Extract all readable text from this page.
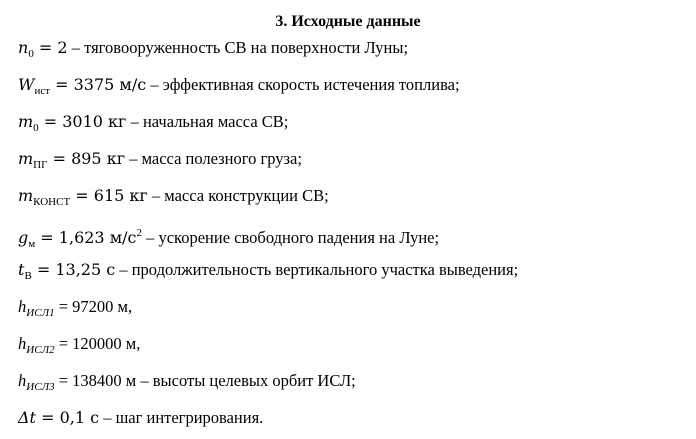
3. Исходные данные
$n_0 = 2$ – тяговооруженность СВ на поверхности Луны;
$W_{ист} = 3375$ м/с – эффективная скорость истечения топлива;
$m_0 = 3010$ кг – начальная масса СВ;
$m_{ПГ} = 895$ кг – масса полезного груза;
$m_{КОНСТ} = 615$ кг – масса конструкции СВ;
$g_м = 1,623$ $м/с^2$ – ускорение свободного падения на Луне;
$t_В = 13,25$ с – продолжительность вертикального участка выведения;
$h_{ИСЛ1} = 97200$ м,
$h_{ИСЛ2} = 120000$ м,
$h_{ИСЛ3} = 138400$ м – высоты целевых орбит ИСЛ;
Δt = 0,1 с – шаг интегрирования.
